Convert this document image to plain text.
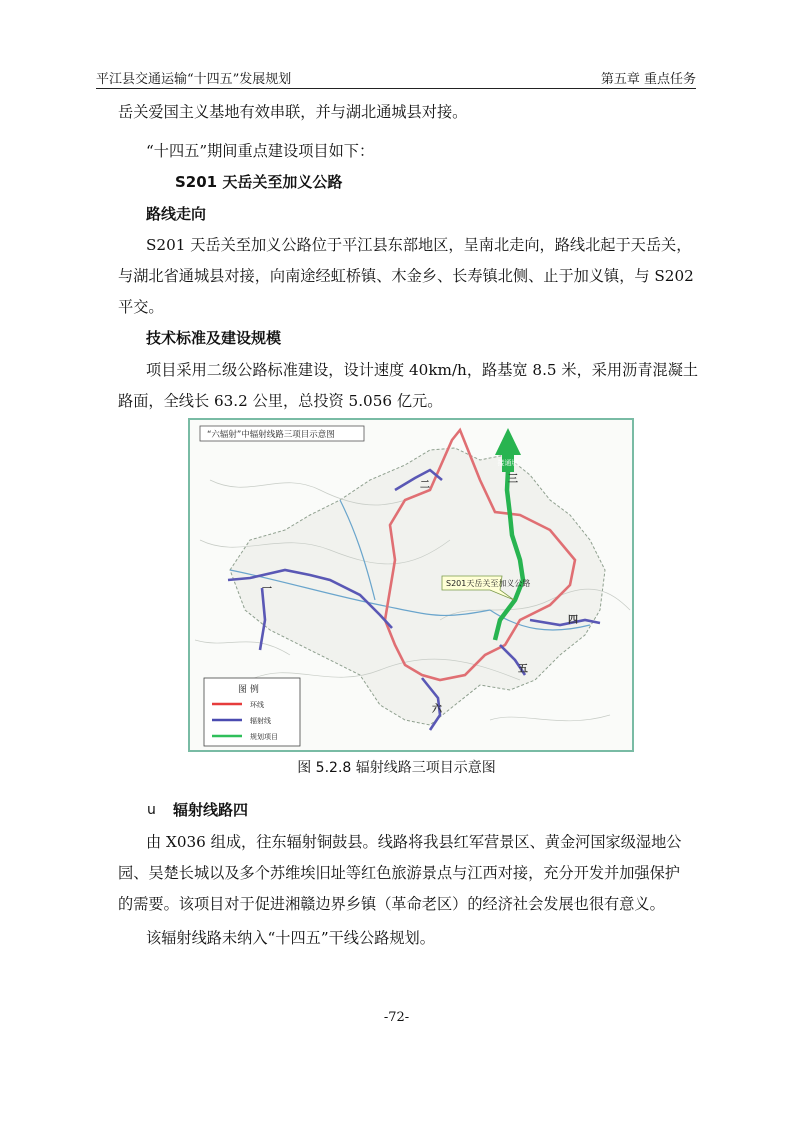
平江县交通运输“十四五”发展规划	第五章 重点任务
岳关爱国主义基地有效串联，并与湖北通城县对接。
“十四五”期间重点建设项目如下：
S201 天岳关至加义公路
路线走向
S201 天岳关至加义公路位于平江县东部地区，呈南北走向，路线北起于天岳关，
与湖北省通城县对接，向南途经虹桥镇、木金乡、长寿镇北侧、止于加义镇，与 S202
平交。
技术标准及建设规模
项目采用二级公路标准建设，设计速度 40km/h，路基宽 8.5 米，采用沥青混凝土
路面，全线长 63.2 公里，总投资 5.056 亿元。
接通城
一
二
三
四
五
六
S201天岳关至加义公路
“六辐射”中辐射线路三项目示意图
图 例
环线
辐射线
规划项目
图 5.2.8 辐射线路三项目示意图
u 辐射线路四
由 X036 组成，往东辐射铜鼓县。线路将我县红军营景区、黄金河国家级湿地公
园、吴楚长城以及多个苏维埃旧址等红色旅游景点与江西对接，充分开发并加强保护
的需要。该项目对于促进湘赣边界乡镇（革命老区）的经济社会发展也很有意义。
该辐射线路未纳入“十四五”干线公路规划。
-72-
